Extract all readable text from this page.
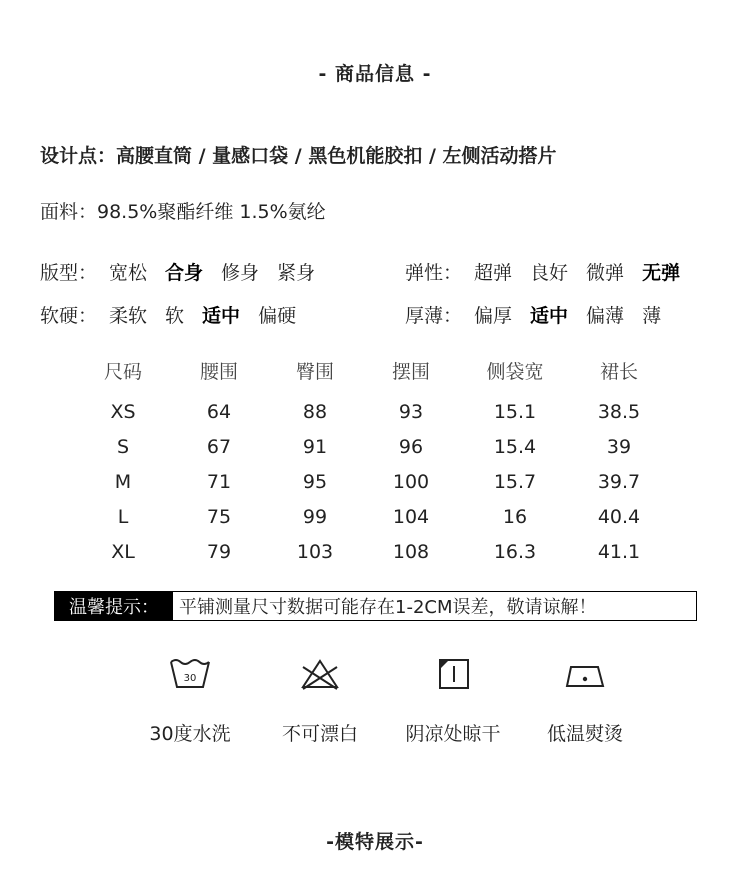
- 商品信息 -
设计点：高腰直筒 / 量感口袋 / 黑色机能胶扣 / 左侧活动搭片
面料：98.5%聚酯纤维 1.5%氨纶
版型： 宽松 合身 修身 紧身	弹性： 超弹 良好 微弹 无弹
软硬： 柔软 软 适中 偏硬	厚薄： 偏厚 适中 偏薄 薄
尺码	腰围	臀围	摆围	侧袋宽	裙长
XS	64	88	93	15.1	38.5
S	67	91	96	15.4	39
M	71	95	100	15.7	39.7
L	75	99	104	16	40.4
XL	79	103	108	16.3	41.1
温馨提示：	平铺测量尺寸数据可能存在1-2CM误差，敬请谅解！
30
30度水洗	不可漂白	阴凉处晾干	低温熨烫
-模特展示-
